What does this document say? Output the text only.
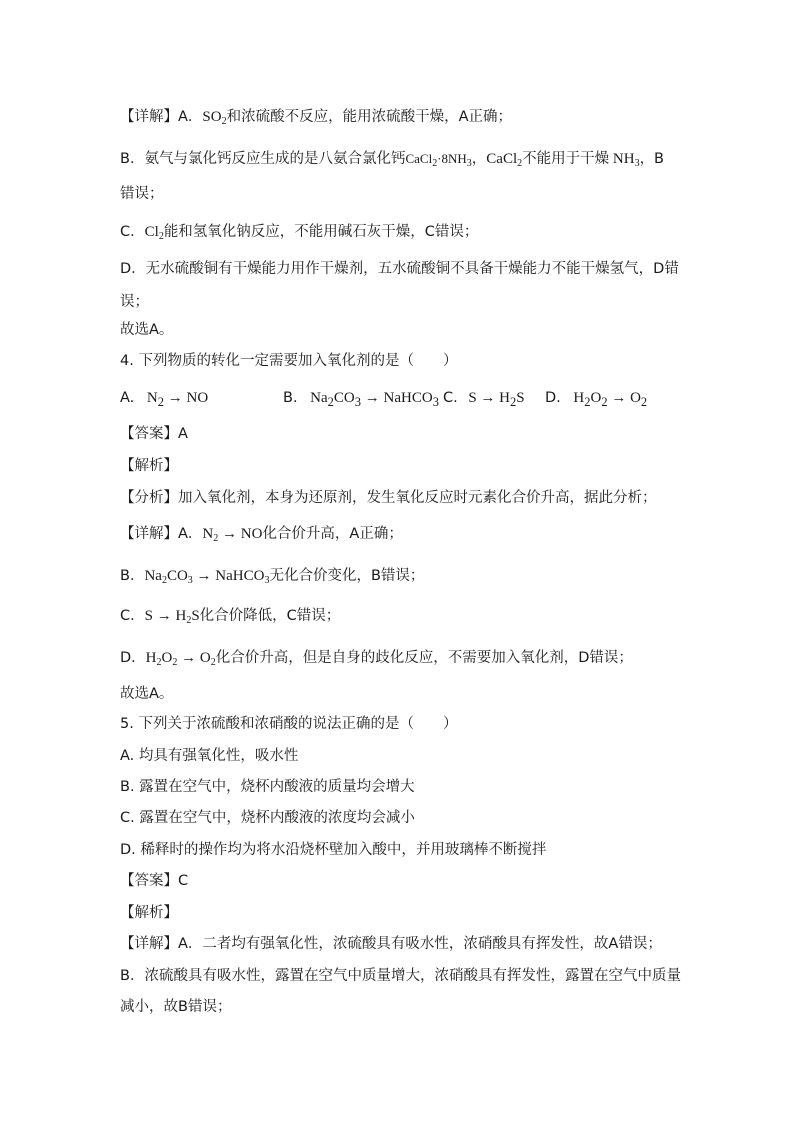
【详解】A．$SO_2$和浓硫酸不反应，能用浓硫酸干燥，A正确；
B．氨气与氯化钙反应生成的是八氨合氯化钙$CaCl_2\cdot 8NH_3$，CaCl$_2$不能用于干燥 $NH_3$，B
错误；
C．$Cl_2$能和氢氧化钠反应，不能用碱石灰干燥，C错误；
D．无水硫酸铜有干燥能力用作干燥剂，五水硫酸铜不具备干燥能力不能干燥氢气，D错
误；
故选A。
4. 下列物质的转化一定需要加入氧化剂的是（　　）
A. $N_2$ → NO	B. $Na_2CO_3$ → NaHCO$_3$ C. $S \to H_2S$ D. $H_2O_2 \to O_2$
【答案】A
【解析】
【分析】加入氧化剂，本身为还原剂，发生氧化反应时元素化合价升高，据此分析；
【详解】A．$N_2$ → NO化合价升高，A正确；
B．$Na_2CO_3$ → NaHCO$_3$无化合价变化，B错误；
C．$S \to H_2S$化合价降低，C错误；
D．$H_2O_2 \to O_2$化合价升高，但是自身的歧化反应，不需要加入氧化剂，D错误；
故选A。
5. 下列关于浓硫酸和浓硝酸的说法正确的是（　　）
A. 均具有强氧化性，吸水性
B. 露置在空气中，烧杯内酸液的质量均会增大
C. 露置在空气中，烧杯内酸液的浓度均会减小
D. 稀释时的操作均为将水沿烧杯壁加入酸中，并用玻璃棒不断搅拌
【答案】C
【解析】
【详解】A．二者均有强氧化性，浓硫酸具有吸水性，浓硝酸具有挥发性，故A错误；
B．浓硫酸具有吸水性，露置在空气中质量增大，浓硝酸具有挥发性，露置在空气中质量
减小，故B错误；
